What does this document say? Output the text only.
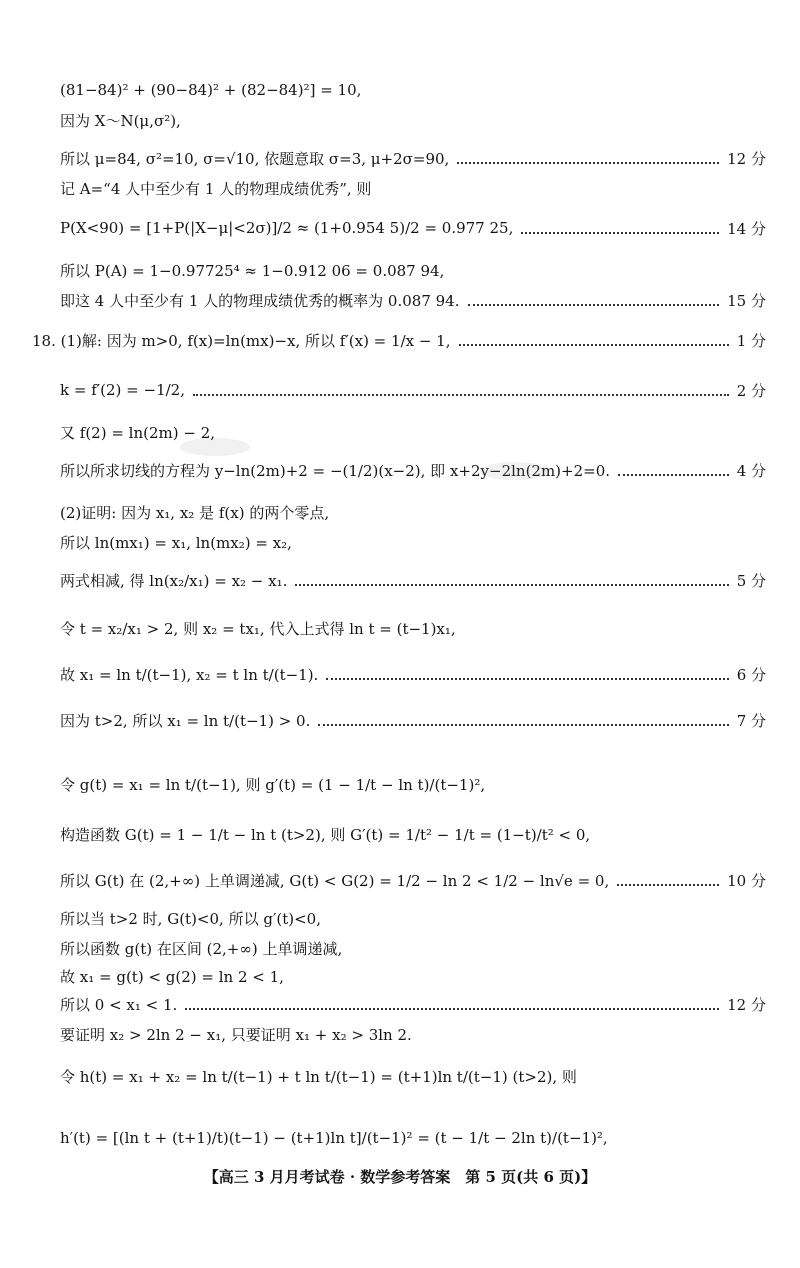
(81−84)² + (90−84)² + (82−84)²] = 10,
因为 X～N(μ,σ²),
所以 μ=84, σ²=10, σ=√10, 依题意取 σ=3, μ+2σ=90,	12 分
记 A=“4 人中至少有 1 人的物理成绩优秀”, 则
P(X<90) = [1+P(|X−μ|<2σ)]/2 ≈ (1+0.954 5)/2 = 0.977 25,	14 分
所以 P(A) = 1−0.97725⁴ ≈ 1−0.912 06 = 0.087 94,
即这 4 人中至少有 1 人的物理成绩优秀的概率为 0.087 94.	15 分
18. (1)解: 因为 m>0, f(x)=ln(mx)−x, 所以 f′(x) = 1/x − 1,	1 分
k = f′(2) = −1/2,	2 分
又 f(2) = ln(2m) − 2,
所以所求切线的方程为 y−ln(2m)+2 = −(1/2)(x−2), 即 x+2y−2ln(2m)+2=0.	4 分
(2)证明: 因为 x₁, x₂ 是 f(x) 的两个零点,
所以 ln(mx₁) = x₁, ln(mx₂) = x₂,
两式相减, 得 ln(x₂/x₁) = x₂ − x₁.	5 分
令 t = x₂/x₁ > 2, 则 x₂ = tx₁, 代入上式得 ln t = (t−1)x₁,
故 x₁ = ln t/(t−1), x₂ = t ln t/(t−1).	6 分
因为 t>2, 所以 x₁ = ln t/(t−1) > 0.	7 分
令 g(t) = x₁ = ln t/(t−1), 则 g′(t) = (1 − 1/t − ln t)/(t−1)²,
构造函数 G(t) = 1 − 1/t − ln t (t>2), 则 G′(t) = 1/t² − 1/t = (1−t)/t² < 0,
所以 G(t) 在 (2,+∞) 上单调递减, G(t) < G(2) = 1/2 − ln 2 < 1/2 − ln√e = 0,	10 分
所以当 t>2 时, G(t)<0, 所以 g′(t)<0,
所以函数 g(t) 在区间 (2,+∞) 上单调递减,
故 x₁ = g(t) < g(2) = ln 2 < 1,
所以 0 < x₁ < 1.	12 分
要证明 x₂ > 2ln 2 − x₁, 只要证明 x₁ + x₂ > 3ln 2.
令 h(t) = x₁ + x₂ = ln t/(t−1) + t ln t/(t−1) = (t+1)ln t/(t−1) (t>2), 则
h′(t) = [(ln t + (t+1)/t)(t−1) − (t+1)ln t]/(t−1)² = (t − 1/t − 2ln t)/(t−1)²,
【高三 3 月月考试卷 · 数学参考答案　第 5 页(共 6 页)】
